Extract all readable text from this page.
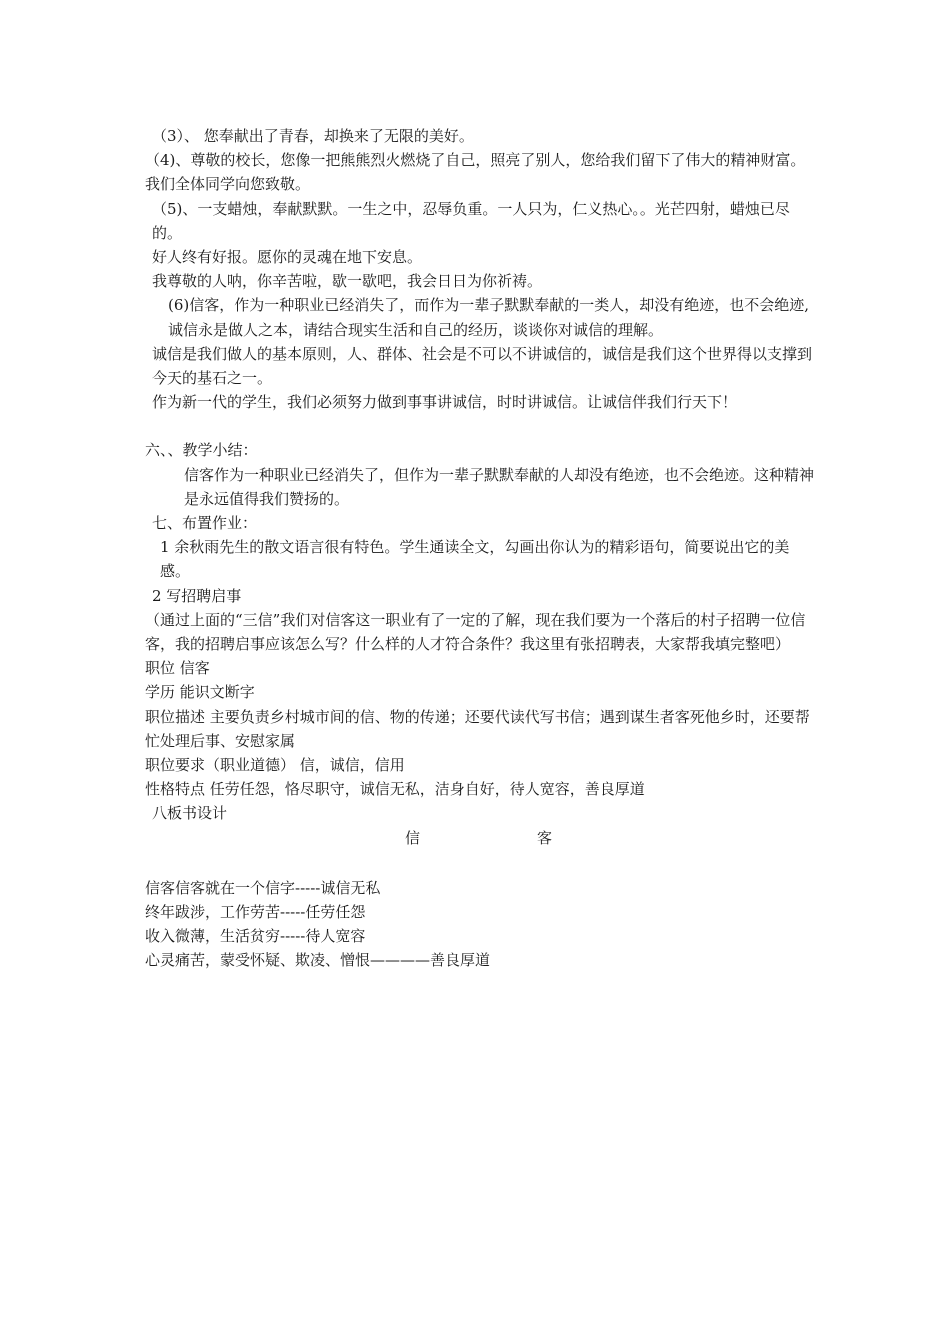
（3）、 您奉献出了青春，却换来了无限的美好。

（4)、尊敬的校长，您像一把熊熊烈火燃烧了自己，照亮了别人，您给我们留下了伟大的精神财富。我们全体同学向您致敬。

（5)、一支蜡烛，奉献默默。一生之中，忍辱负重。一人只为，仁义热心。。光芒四射，蜡烛已尽的。

好人终有好报。愿你的灵魂在地下安息。

我尊敬的人呐，你辛苦啦，歇一歇吧，我会日日为你祈祷。

(6)信客，作为一种职业已经消失了，而作为一辈子默默奉献的一类人，却没有绝迹，也不会绝迹,诚信永是做人之本，请结合现实生活和自己的经历，谈谈你对诚信的理解。

诚信是我们做人的基本原则，人、群体、社会是不可以不讲诚信的，诚信是我们这个世界得以支撑到今天的基石之一。

作为新一代的学生，我们必须努力做到事事讲诚信，时时讲诚信。让诚信伴我们行天下！

六、、教学小结：

信客作为一种职业已经消失了，但作为一辈子默默奉献的人却没有绝迹，也不会绝迹。这种精神是永远值得我们赞扬的。

七、布置作业：

1 余秋雨先生的散文语言很有特色。学生通读全文，勾画出你认为的精彩语句，简要说出它的美感。

2 写招聘启事

（通过上面的“三信”我们对信客这一职业有了一定的了解，现在我们要为一个落后的村子招聘一位信客，我的招聘启事应该怎么写？什么样的人才符合条件？我这里有张招聘表，大家帮我填完整吧）

职位 信客

学历 能识文断字

职位描述 主要负责乡村城市间的信、物的传递；还要代读代写书信；遇到谋生者客死他乡时，还要帮忙处理后事、安慰家属

职位要求（职业道德） 信，诚信，信用

性格特点 任劳任怨，恪尽职守，诚信无私，洁身自好，待人宽容，善良厚道

八板书设计

信	客

信客信客就在一个信字-----诚信无私

终年跋涉，工作劳苦-----任劳任怨

收入微薄，生活贫穷-----待人宽容

心灵痛苦，蒙受怀疑、欺凌、憎恨————善良厚道
